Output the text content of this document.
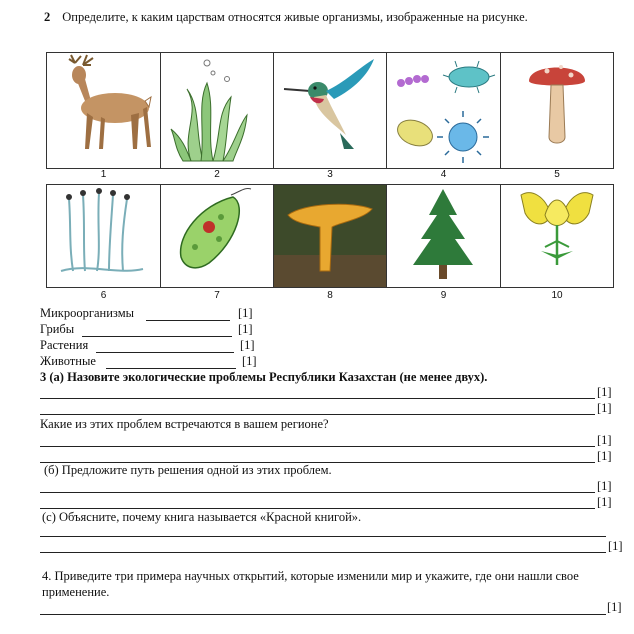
2 Определите, к каким царствам относятся живые организмы, изображенные на рисунке.
1	2	3	4	5
6	7	8	9	10
Микроорганизмы	[1]
Грибы	[1]
Растения	[1]
Животные	[1]
3 (а) Назовите экологические проблемы Республики Казахстан (не менее двух).
[1]
[1]
Какие из этих проблем встречаются в вашем регионе?
[1]
[1]
(б) Предложите путь решения одной из этих проблем.
[1]
[1]
(с) Объясните, почему книга называется «Красной книгой».
[1]
4. Приведите три примера научных открытий, которые изменили мир и укажите, где они нашли свое
применение.
[1]
